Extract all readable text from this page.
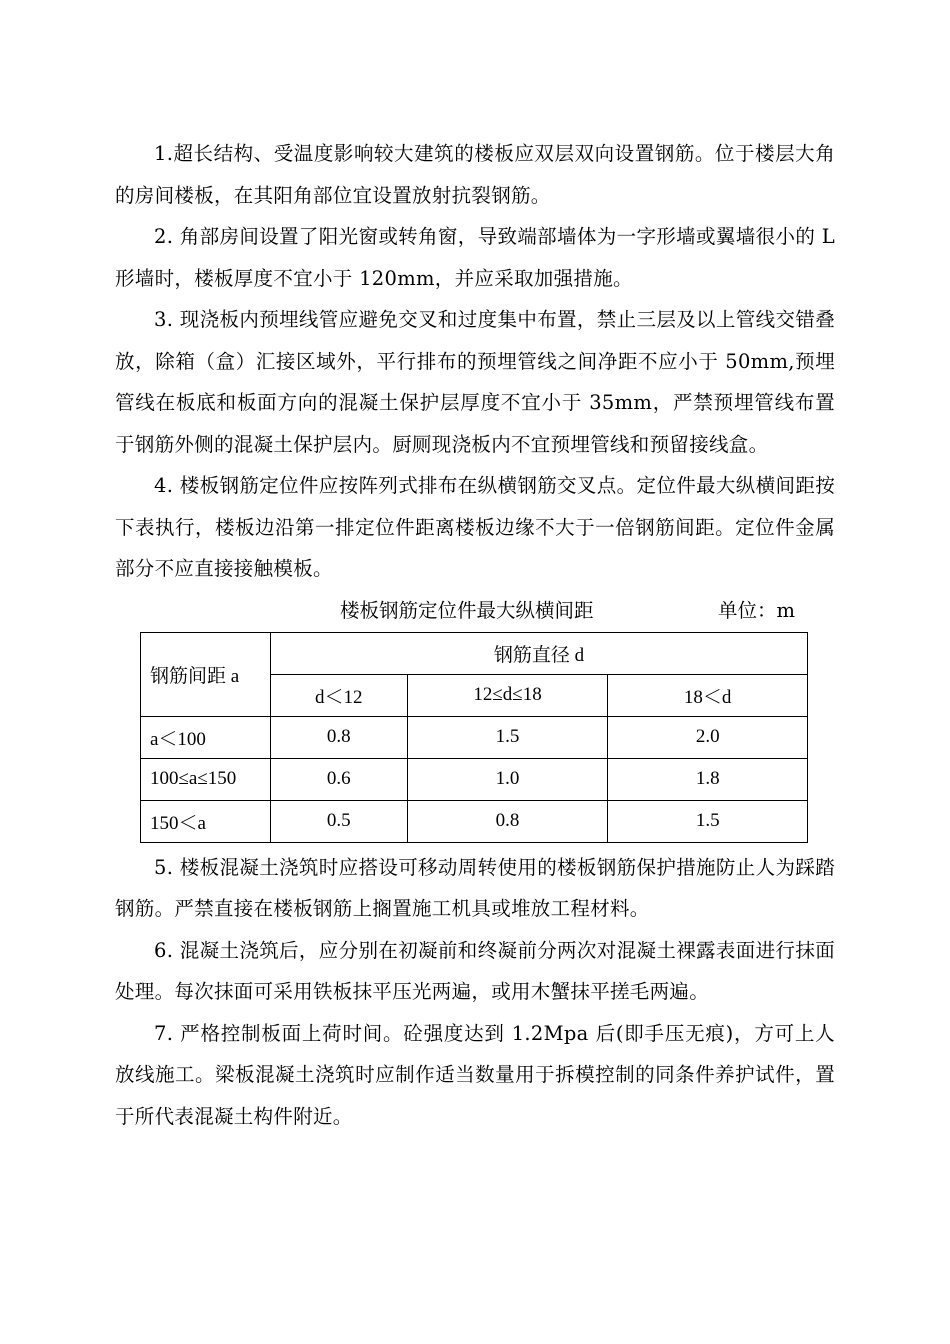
1.超长结构、受温度影响较大建筑的楼板应双层双向设置钢筋。位于楼层大角的房间楼板，在其阳角部位宜设置放射抗裂钢筋。

2. 角部房间设置了阳光窗或转角窗，导致端部墙体为一字形墙或翼墙很小的 L 形墙时，楼板厚度不宜小于 120mm，并应采取加强措施。

3. 现浇板内预埋线管应避免交叉和过度集中布置，禁止三层及以上管线交错叠放，除箱（盒）汇接区域外，平行排布的预埋管线之间净距不应小于 50mm,预埋管线在板底和板面方向的混凝土保护层厚度不宜小于 35mm，严禁预埋管线布置于钢筋外侧的混凝土保护层内。厨厕现浇板内不宜预埋管线和预留接线盒。

4. 楼板钢筋定位件应按阵列式排布在纵横钢筋交叉点。定位件最大纵横间距按下表执行，楼板边沿第一排定位件距离楼板边缘不大于一倍钢筋间距。定位件金属部分不应直接接触模板。

楼板钢筋定位件最大纵横间距	单位：m
钢筋间距 a	钢筋直径 d		
	d＜12	12≤d≤18	18＜d
a＜100	0.8	1.5	2.0
100≤a≤150	0.6	1.0	1.8
150＜a	0.5	0.8	1.5

5. 楼板混凝土浇筑时应搭设可移动周转使用的楼板钢筋保护措施防止人为踩踏钢筋。严禁直接在楼板钢筋上搁置施工机具或堆放工程材料。

6. 混凝土浇筑后，应分别在初凝前和终凝前分两次对混凝土裸露表面进行抹面处理。每次抹面可采用铁板抹平压光两遍，或用木蟹抹平搓毛两遍。

7. 严格控制板面上荷时间。砼强度达到 1.2Mpa 后(即手压无痕)，方可上人放线施工。梁板混凝土浇筑时应制作适当数量用于拆模控制的同条件养护试件，置于所代表混凝土构件附近。
